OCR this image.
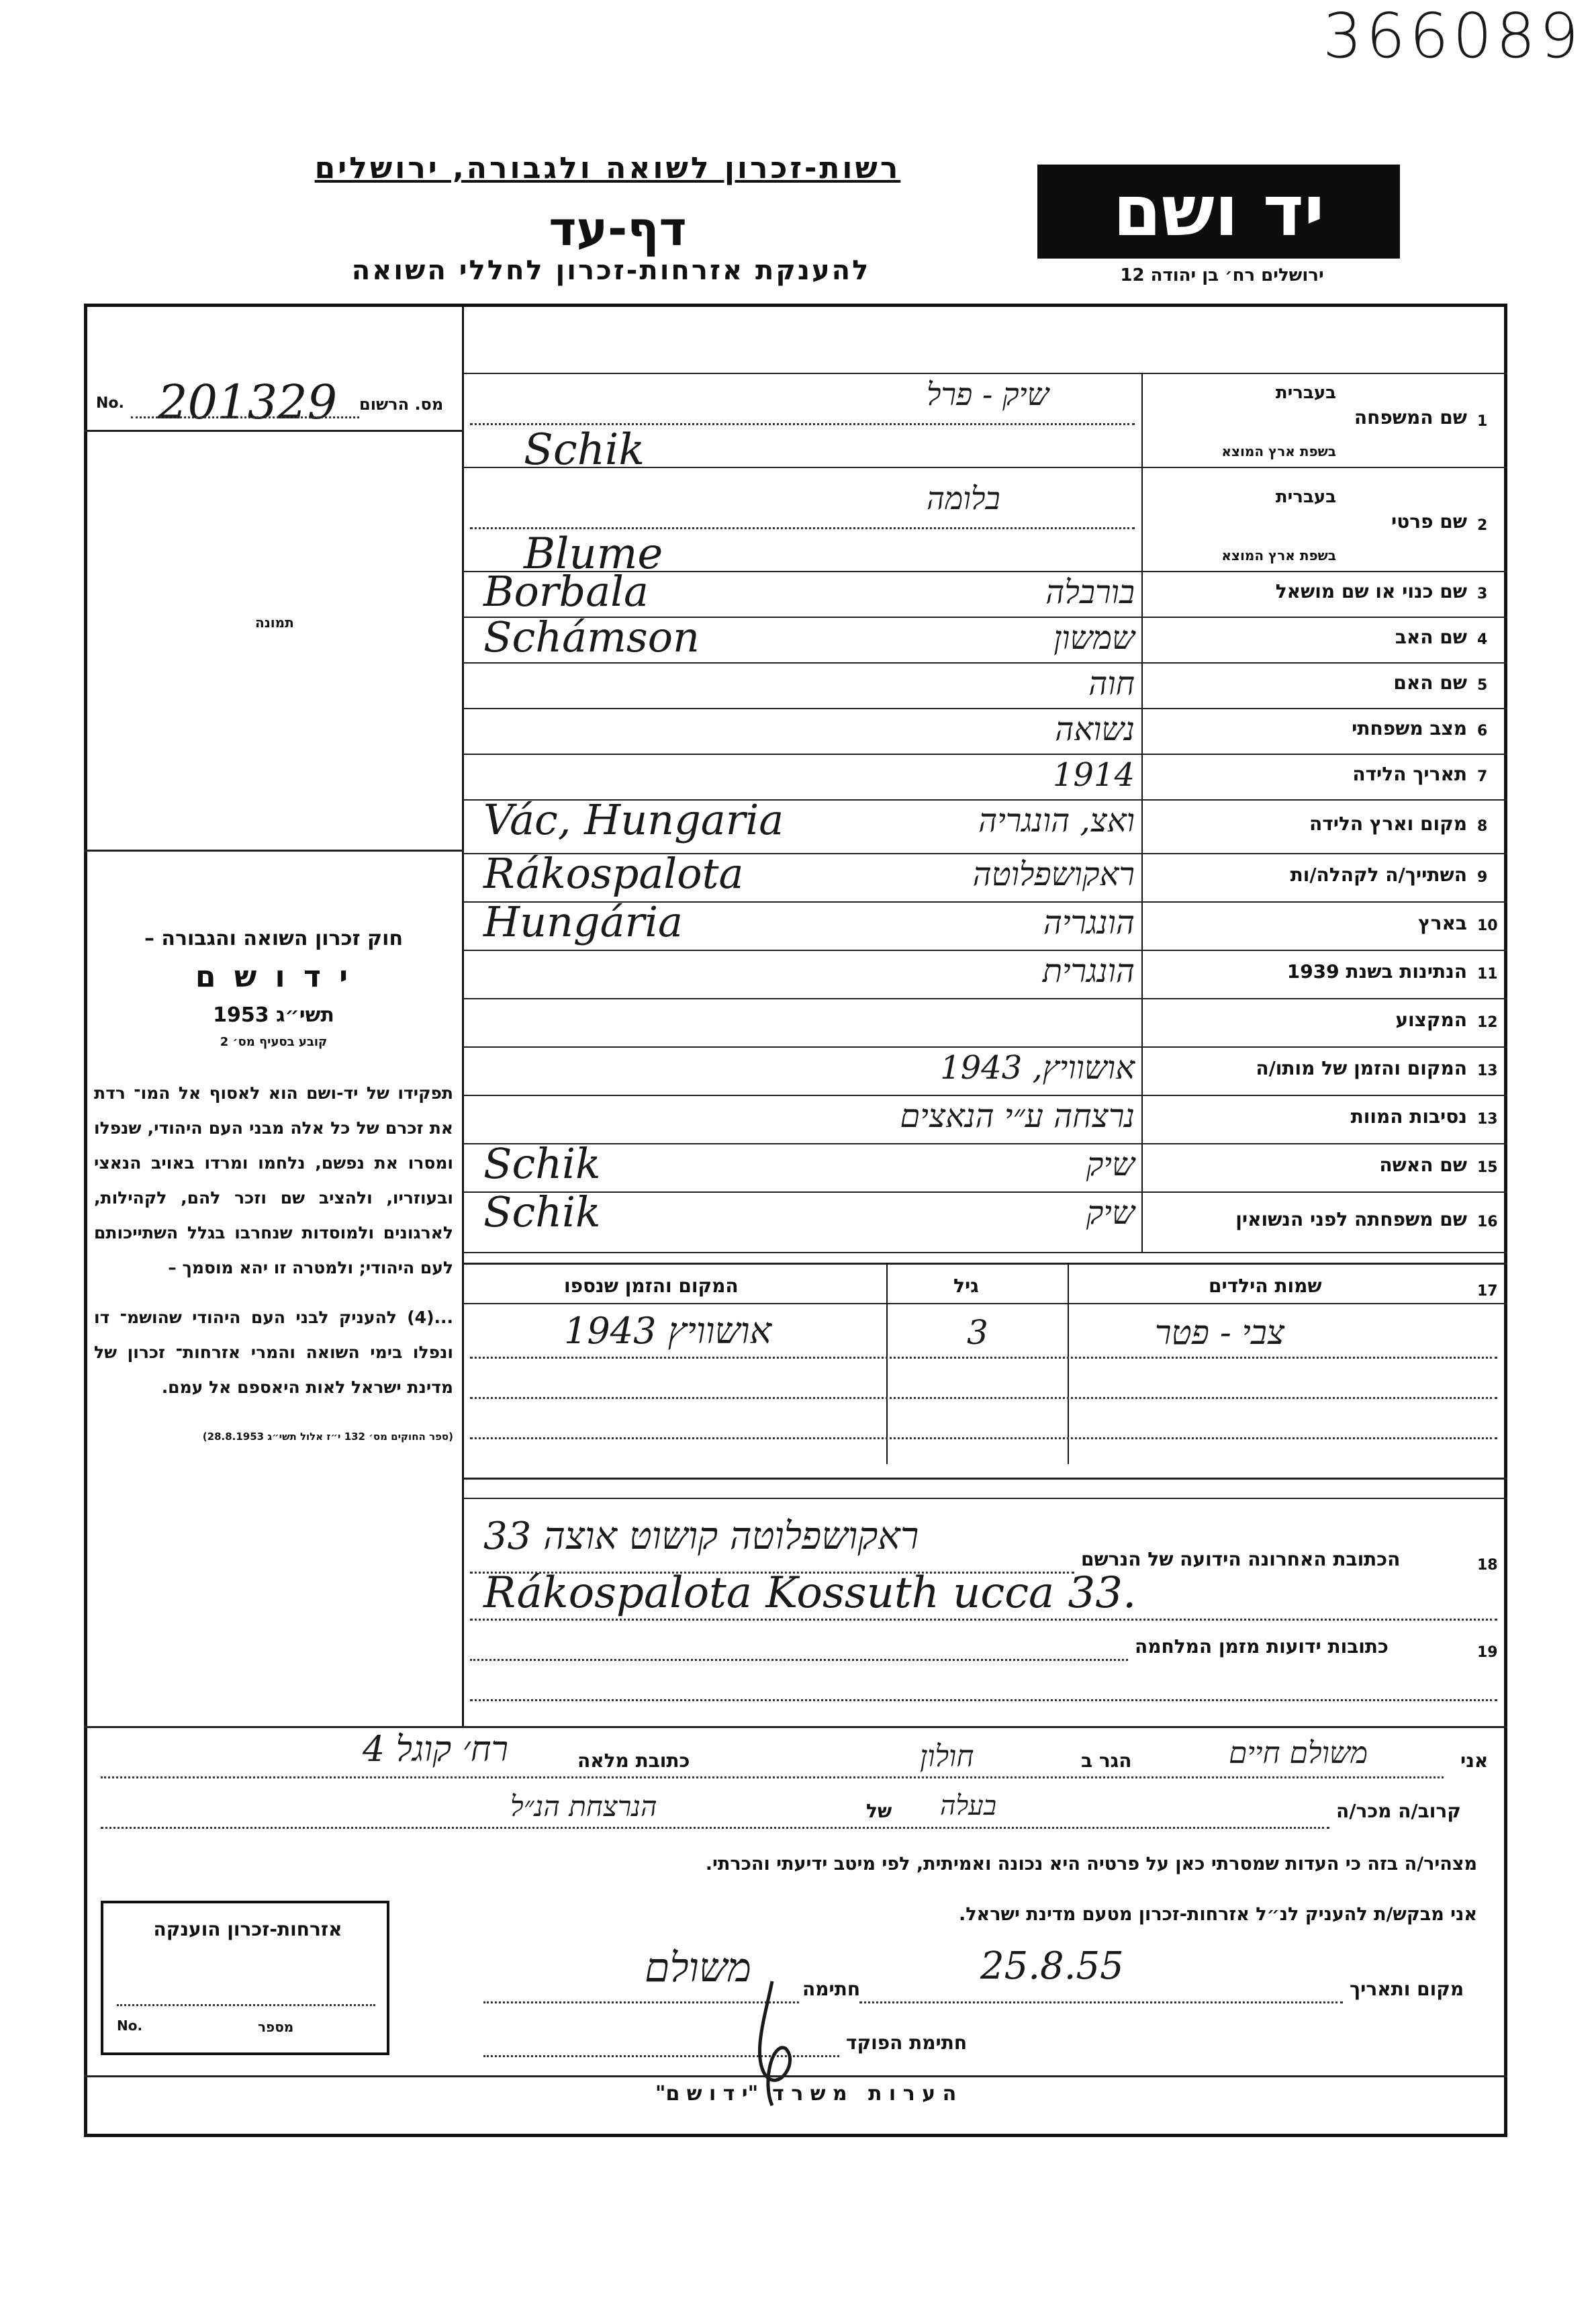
366089
רשות-זכרון לשואה ולגבורה, ירושלים
דף-עד
להענקת אזרחות-זכרון לחללי השואה
יד ושם
ירושלים רח׳ בן יהודה 12
No. 201329 מס. הרשום
תמונה
חוק זכרון השואה והגבורה –
י ד ו ש ם
תשי״ג 1953
קובע בסעיף מס׳ 2
תפקידו של יד-ושם הוא לאסוף אל המו־ רדת את זכרם של כל אלה מבני העם היהודי, שנפלו ומסרו את נפשם, נלחמו ומרדו באויב הנאצי ובעוזריו, ולהציב שם וזכר להם, לקהילות, לארגונים ולמוסדות שנחרבו בגלל השתייכותם לעם היהודי; ולמטרה זו יהא מוסמך –
...(4) להעניק לבני העם היהודי שהושמ־ דו ונפלו בימי השואה והמרי אזרחות־ זכרון של מדינת ישראל לאות היאספם אל עמם.
(ספר החוקים מס׳ 132 י״ז אלול תשי״ג 28.8.1953)
1
שם המשפחה
בעברית
בשפת ארץ המוצא
שיק - פרל
Schik
2
שם פרטי
בעברית
בשפת ארץ המוצא
בלומה
Blume
3
שם כנוי או שם מושאל
בורבלה
Borbala
4
שם האב
שמשון
Schámson
5
שם האם
חוה
6
מצב משפחתי
נשואה
7
תאריך הלידה
1914
8
מקום וארץ הלידה
ואצ, הונגריה
Vác, Hungaria
9
השתייך/ה לקהלה/ות
ראקושפלוטה
Rákospalota
10
בארץ
הונגריה
Hungária
11
הנתינות בשנת 1939
הונגרית
12
המקצוע
13
המקום והזמן של מותו/ה
אושוויץ, 1943
13
נסיבות המוות
נרצחה ע״י הנאצים
15
שם האשה
שיק
Schik
16
שם משפחתה לפני הנשואין
שיק
Schik
17
שמות הילדים
גיל
המקום והזמן שנספו
צבי - פטר
3
אושוויץ 1943
18
הכתובת האחרונה הידועה של הנרשם
ראקושפלוטה קושוט אוצה 33
Rákospalota Kossuth ucca 33.
19
כתובות ידועות מזמן המלחמה
אני
משולם חיים
הגר ב
חולון
כתובת מלאה
רח׳ קוגל 4
קרוב/ה מכר/ה
בעלה
של
הנרצחת הנ״ל
מצהיר/ה בזה כי העדות שמסרתי כאן על פרטיה היא נכונה ואמיתית, לפי מיטב ידיעתי והכרתי.
אני מבקש/ת להעניק לנ״ל אזרחות-זכרון מטעם מדינת ישראל.
מקום ותאריך
25.8.55
חתימה
משולם
חתימת הפוקד
אזרחות-זכרון הוענקה
No.	מספר
ה ע ר ו ת   מ ש ר ד  "י ד ו ש ם"
